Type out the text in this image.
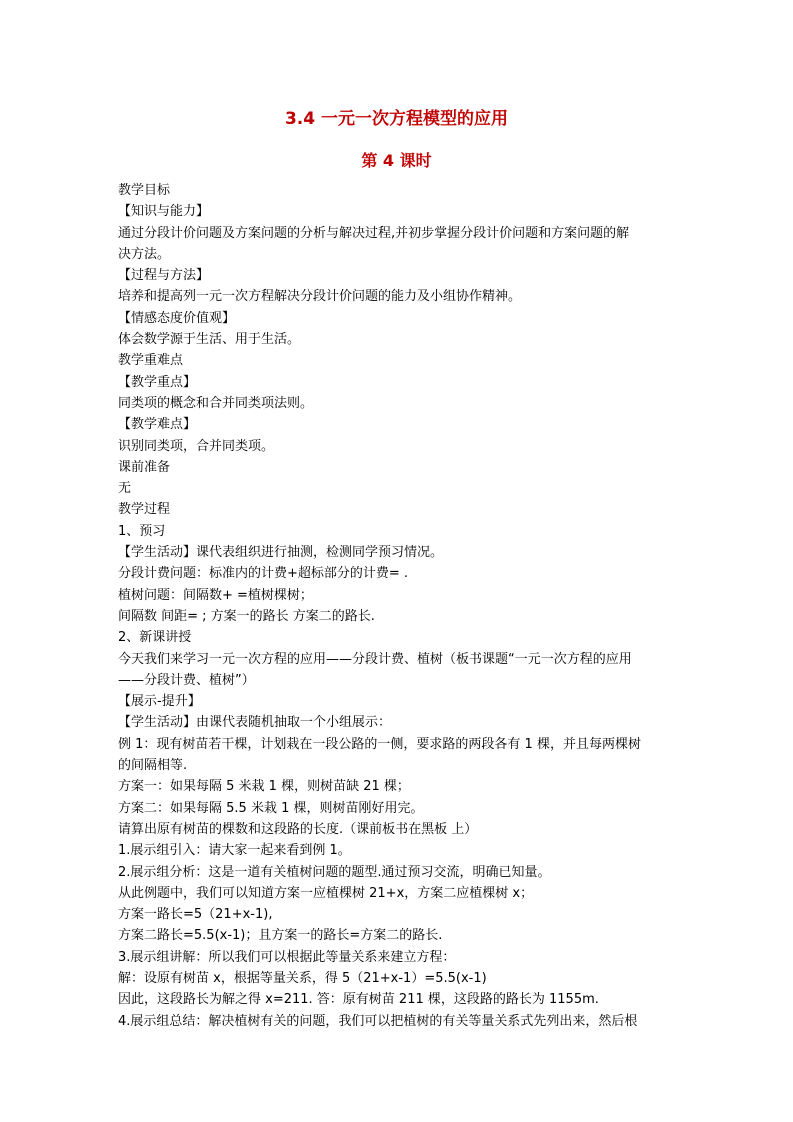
3.4 一元一次方程模型的应用
第 4 课时
教学目标
【知识与能力】
通过分段计价问题及方案问题的分析与解决过程,并初步掌握分段计价问题和方案问题的解
决方法。
【过程与方法】
培养和提高列一元一次方程解决分段计价问题的能力及小组协作精神。
【情感态度价值观】
体会数学源于生活、用于生活。
教学重难点
【教学重点】
同类项的概念和合并同类项法则。
【教学难点】
识别同类项，合并同类项。
课前准备
无
教学过程
1、预习
【学生活动】课代表组织进行抽测，检测同学预习情况。
分段计费问题：标准内的计费+超标部分的计费= .
植树问题：间隔数+ =植树棵树；
间隔数 间距= ; 方案一的路长 方案二的路长.
2、新课讲授
今天我们来学习一元一次方程的应用——分段计费、植树（板书课题“一元一次方程的应用
——分段计费、植树”）
【展示-提升】
【学生活动】由课代表随机抽取一个小组展示：
例 1：现有树苗若干棵，计划栽在一段公路的一侧，要求路的两段各有 1 棵，并且每两棵树
的间隔相等.
方案一：如果每隔 5 米栽 1 棵，则树苗缺 21 棵；
方案二：如果每隔 5.5 米栽 1 棵，则树苗刚好用完。
请算出原有树苗的棵数和这段路的长度.（课前板书在黑板 上）
1.展示组引入：请大家一起来看到例 1。
2.展示组分析：这是一道有关植树问题的题型.通过预习交流，明确已知量。
从此例题中，我们可以知道方案一应植棵树 21+x，方案二应植棵树 x；
方案一路长=5（21+x-1),
方案二路长=5.5(x-1)；且方案一的路长=方案二的路长.
3.展示组讲解：所以我们可以根据此等量关系来建立方程：
解：设原有树苗 x，根据等量关系，得 5（21+x-1）=5.5(x-1)
因此，这段路长为解之得 x=211. 答：原有树苗 211 棵，这段路的路长为 1155m.
4.展示组总结：解决植树有关的问题，我们可以把植树的有关等量关系式先列出来，然后根
